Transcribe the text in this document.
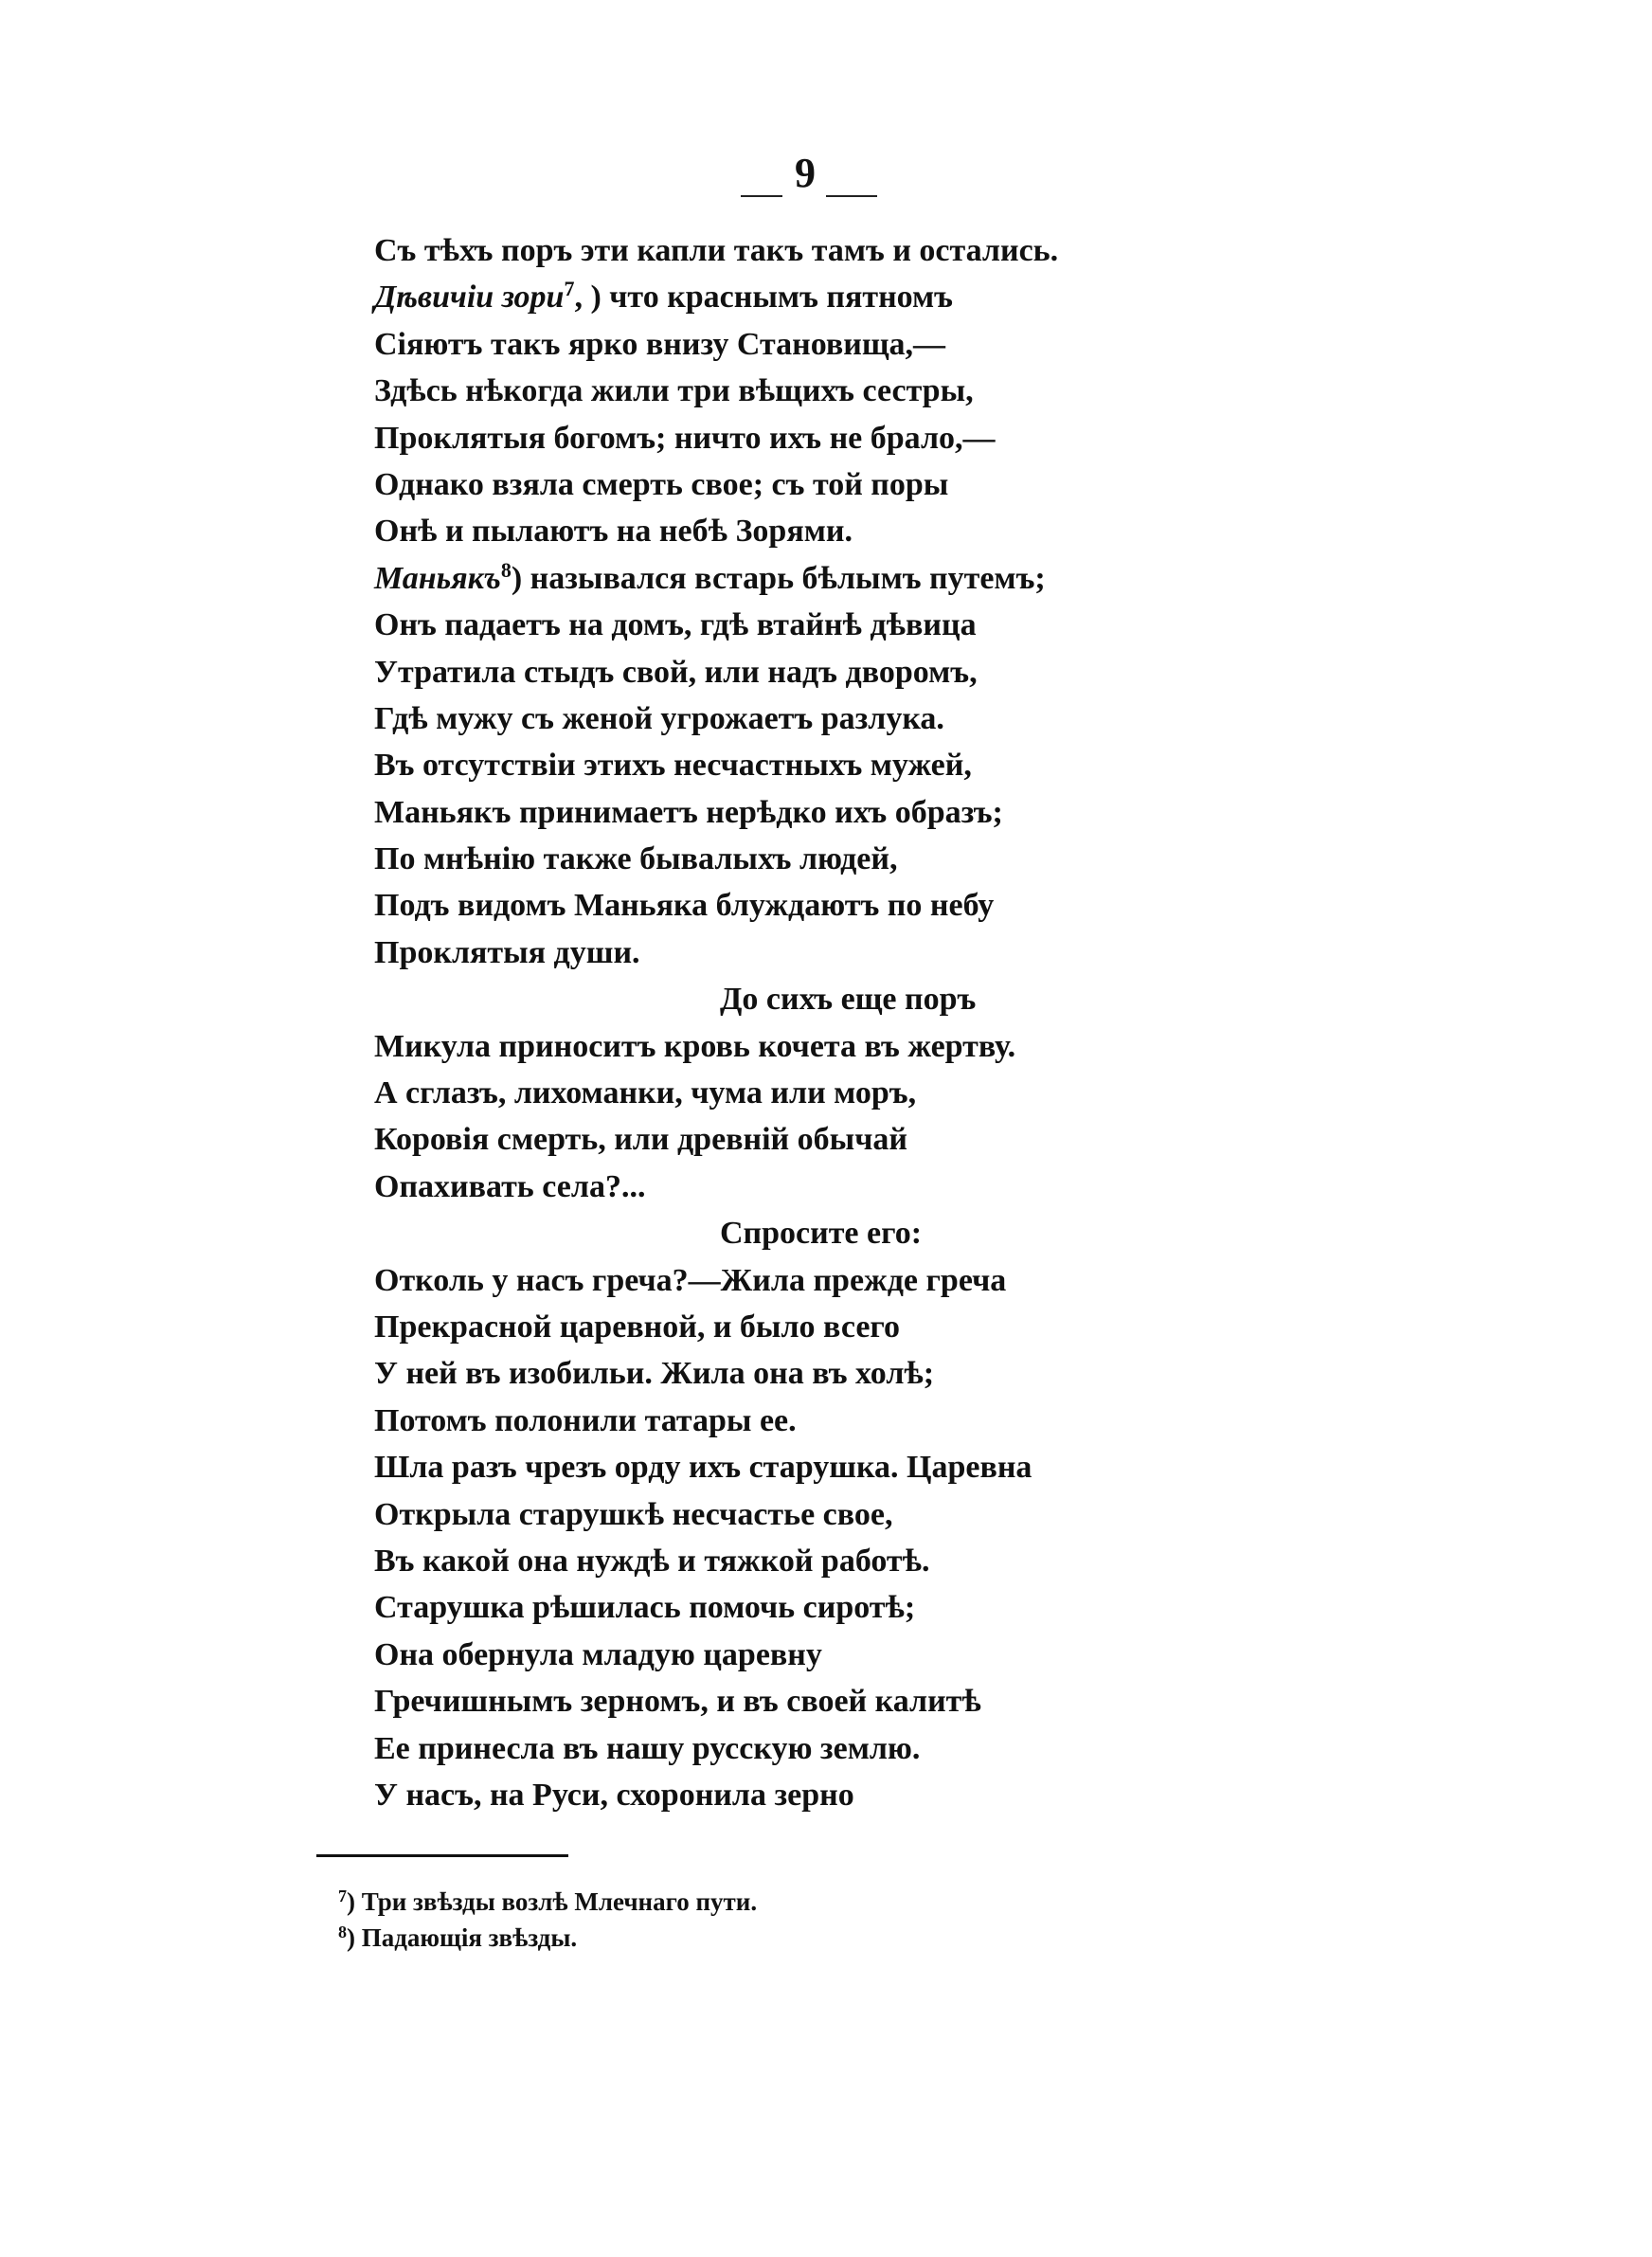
9
Съ тѣхъ поръ эти капли такъ тамъ и остались.
Дѣвичіи зори$^7$, ) что краснымъ пятномъ
Сіяютъ такъ ярко внизу Становища,—
Здѣсь нѣкогда жили три вѣщихъ сестры,
Проклятыя богомъ; ничто ихъ не брало,—
Однако взяла смерть свое; съ той поры
Онѣ и пылаютъ на небѣ Зорями.
Маньякъ$^8$) назывался встарь бѣлымъ путемъ;
Онъ падаетъ на домъ, гдѣ втайнѣ дѣвица
Утратила стыдъ свой, или надъ дворомъ,
Гдѣ мужу съ женой угрожаетъ разлука.
Въ отсутствіи этихъ несчастныхъ мужей,
Маньякъ принимаетъ нерѣдко ихъ образъ;
По мнѣнію также бывалыхъ людей,
Подъ видомъ Маньяка блуждаютъ по небу
Проклятыя души.
До сихъ еще поръ
Микула приноситъ кровь кочета въ жертву.
А сглазъ, лихоманки, чума или моръ,
Коровія смерть, или древній обычай
Опахивать села?...
Спросите его:
Отколь у насъ греча?—Жила прежде греча
Прекрасной царевной, и было всего
У ней въ изобильи. Жила она въ холѣ;
Потомъ полонили татары ее.
Шла разъ чрезъ орду ихъ старушка. Царевна
Открыла старушкѣ несчастье свое,
Въ какой она нуждѣ и тяжкой работѣ.
Старушка рѣшилась помочь сиротѣ;
Она обернула младую царевну
Гречишнымъ зерномъ, и въ своей калитѣ
Ее принесла въ нашу русскую землю.
У насъ, на Руси, схоронила зерно
$^7$) Три звѣзды возлѣ Млечнаго пути.
$^8$) Падающія звѣзды.
